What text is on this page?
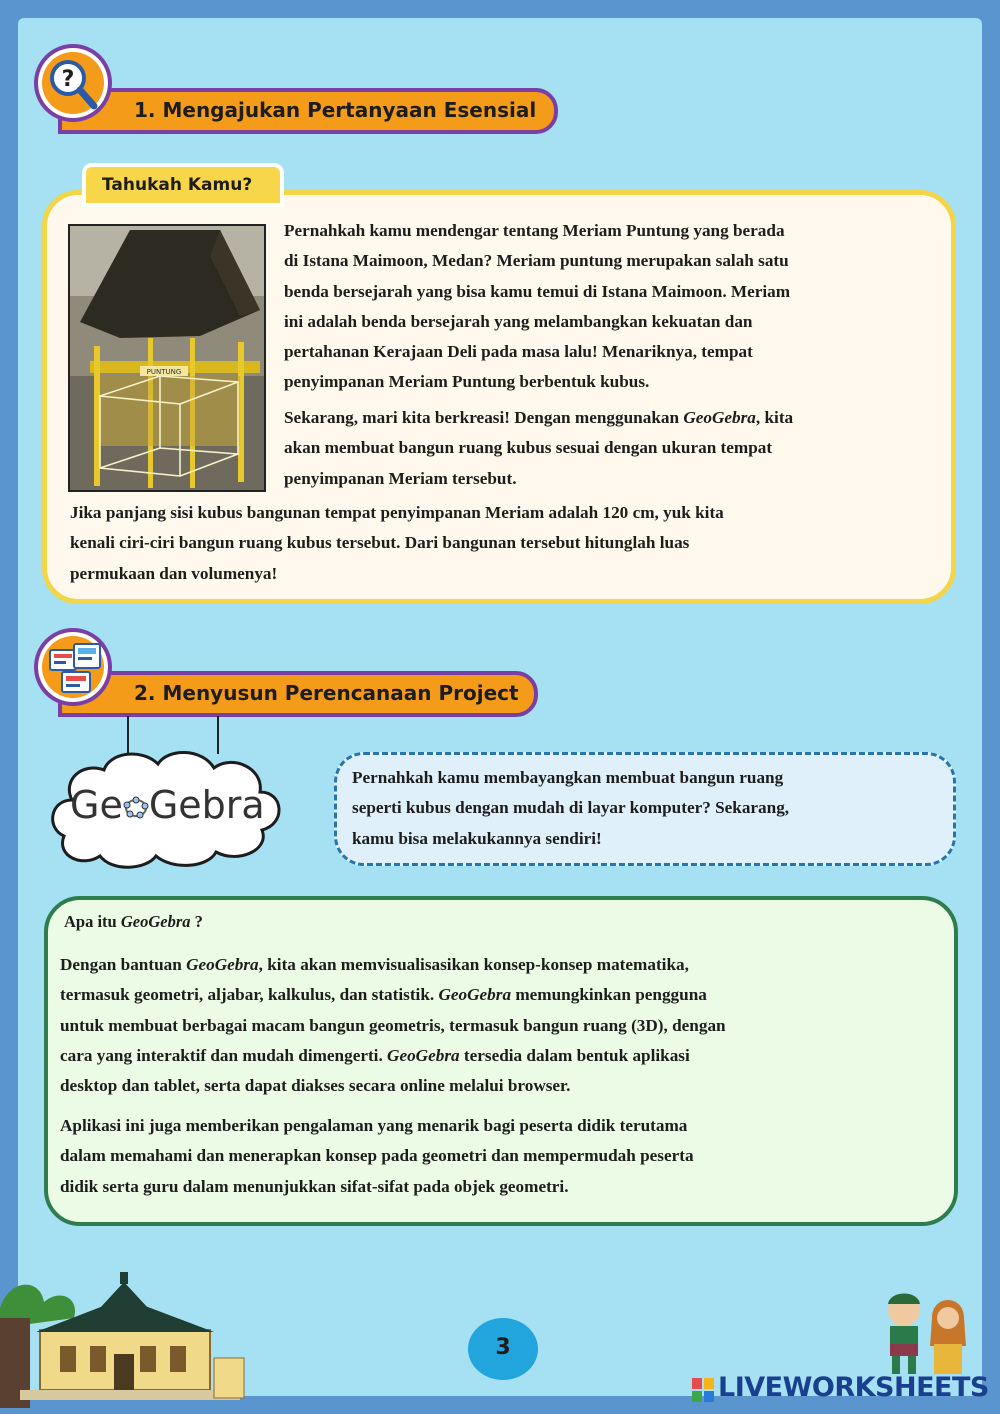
1. Mengajukan Pertanyaan Esensial
?
Tahukah Kamu?
PUNTUNG
Pernahkah kamu mendengar tentang Meriam Puntung yang berada
di Istana Maimoon, Medan? Meriam puntung merupakan salah satu
benda bersejarah yang bisa kamu temui di Istana Maimoon. Meriam
ini adalah benda bersejarah yang melambangkan kekuatan dan
pertahanan Kerajaan Deli pada masa lalu! Menariknya, tempat
penyimpanan Meriam Puntung berbentuk kubus.
Sekarang, mari kita berkreasi! Dengan menggunakan GeoGebra, kita
akan membuat bangun ruang kubus sesuai dengan ukuran tempat
penyimpanan Meriam tersebut.
Jika panjang sisi kubus bangunan tempat penyimpanan Meriam adalah 120 cm, yuk kita
kenali ciri-ciri bangun ruang kubus tersebut. Dari bangunan tersebut hitunglah luas
permukaan dan volumenya!
2. Menyusun Perencanaan Project
Ge Gebra
Pernahkah kamu membayangkan membuat bangun ruang
seperti kubus dengan mudah di layar komputer? Sekarang,
kamu bisa melakukannya sendiri!
Apa itu GeoGebra ?
Dengan bantuan GeoGebra, kita akan memvisualisasikan konsep-konsep matematika,
termasuk geometri, aljabar, kalkulus, dan statistik. GeoGebra memungkinkan pengguna
untuk membuat berbagai macam bangun geometris, termasuk bangun ruang (3D), dengan
cara yang interaktif dan mudah dimengerti. GeoGebra tersedia dalam bentuk aplikasi
desktop dan tablet, serta dapat diakses secara online melalui browser.
Aplikasi ini juga memberikan pengalaman yang menarik bagi peserta didik terutama
dalam memahami dan menerapkan konsep pada geometri dan mempermudah peserta
didik serta guru dalam menunjukkan sifat-sifat pada objek geometri.
3
LIVEWORKSHEETS
